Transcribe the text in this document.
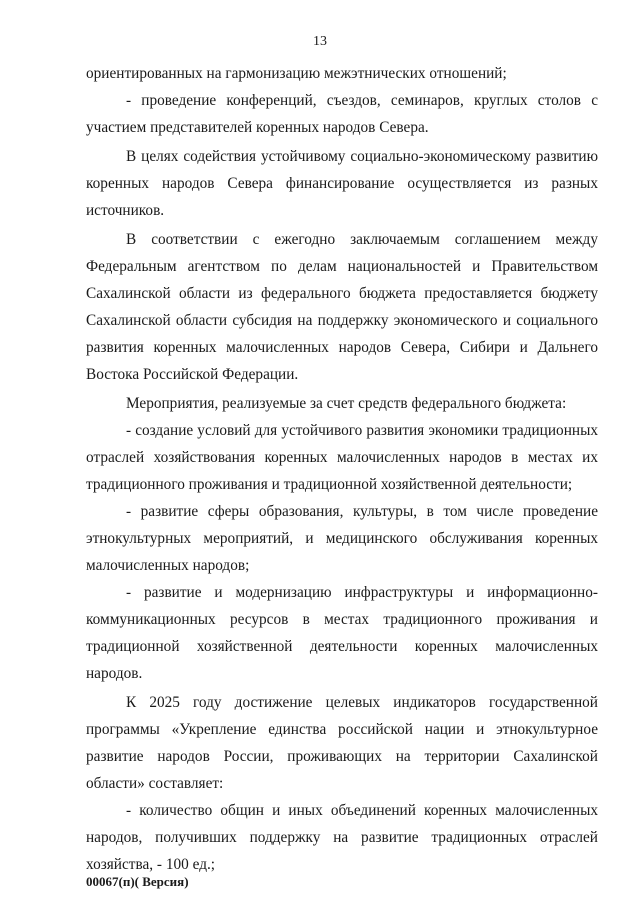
13

ориентированных на гармонизацию межэтнических отношений;

- проведение конференций, съездов, семинаров, круглых столов с участием представителей коренных народов Севера.

В целях содействия устойчивому социально-экономическому развитию коренных народов Севера финансирование осуществляется из разных источников.

В соответствии с ежегодно заключаемым соглашением между Федеральным агентством по делам национальностей и Правительством Сахалинской области из федерального бюджета предоставляется бюджету Сахалинской области субсидия на поддержку экономического и социального развития коренных малочисленных народов Севера, Сибири и Дальнего Востока Российской Федерации.

Мероприятия, реализуемые за счет средств федерального бюджета:

- создание условий для устойчивого развития экономики традиционных отраслей хозяйствования коренных малочисленных народов в местах их традиционного проживания и традиционной хозяйственной деятельности;

- развитие сферы образования, культуры, в том числе проведение этнокультурных мероприятий, и медицинского обслуживания коренных малочисленных народов;

- развитие и модернизацию инфраструктуры и информационно-коммуникационных ресурсов в местах традиционного проживания и традиционной хозяйственной деятельности коренных малочисленных народов.

К 2025 году достижение целевых индикаторов государственной программы «Укрепление единства российской нации и этнокультурное развитие народов России, проживающих на территории Сахалинской области» составляет:

- количество общин и иных объединений коренных малочисленных народов, получивших поддержку на развитие традиционных отраслей хозяйства, - 100 ед.;

00067(п)( Версия)
